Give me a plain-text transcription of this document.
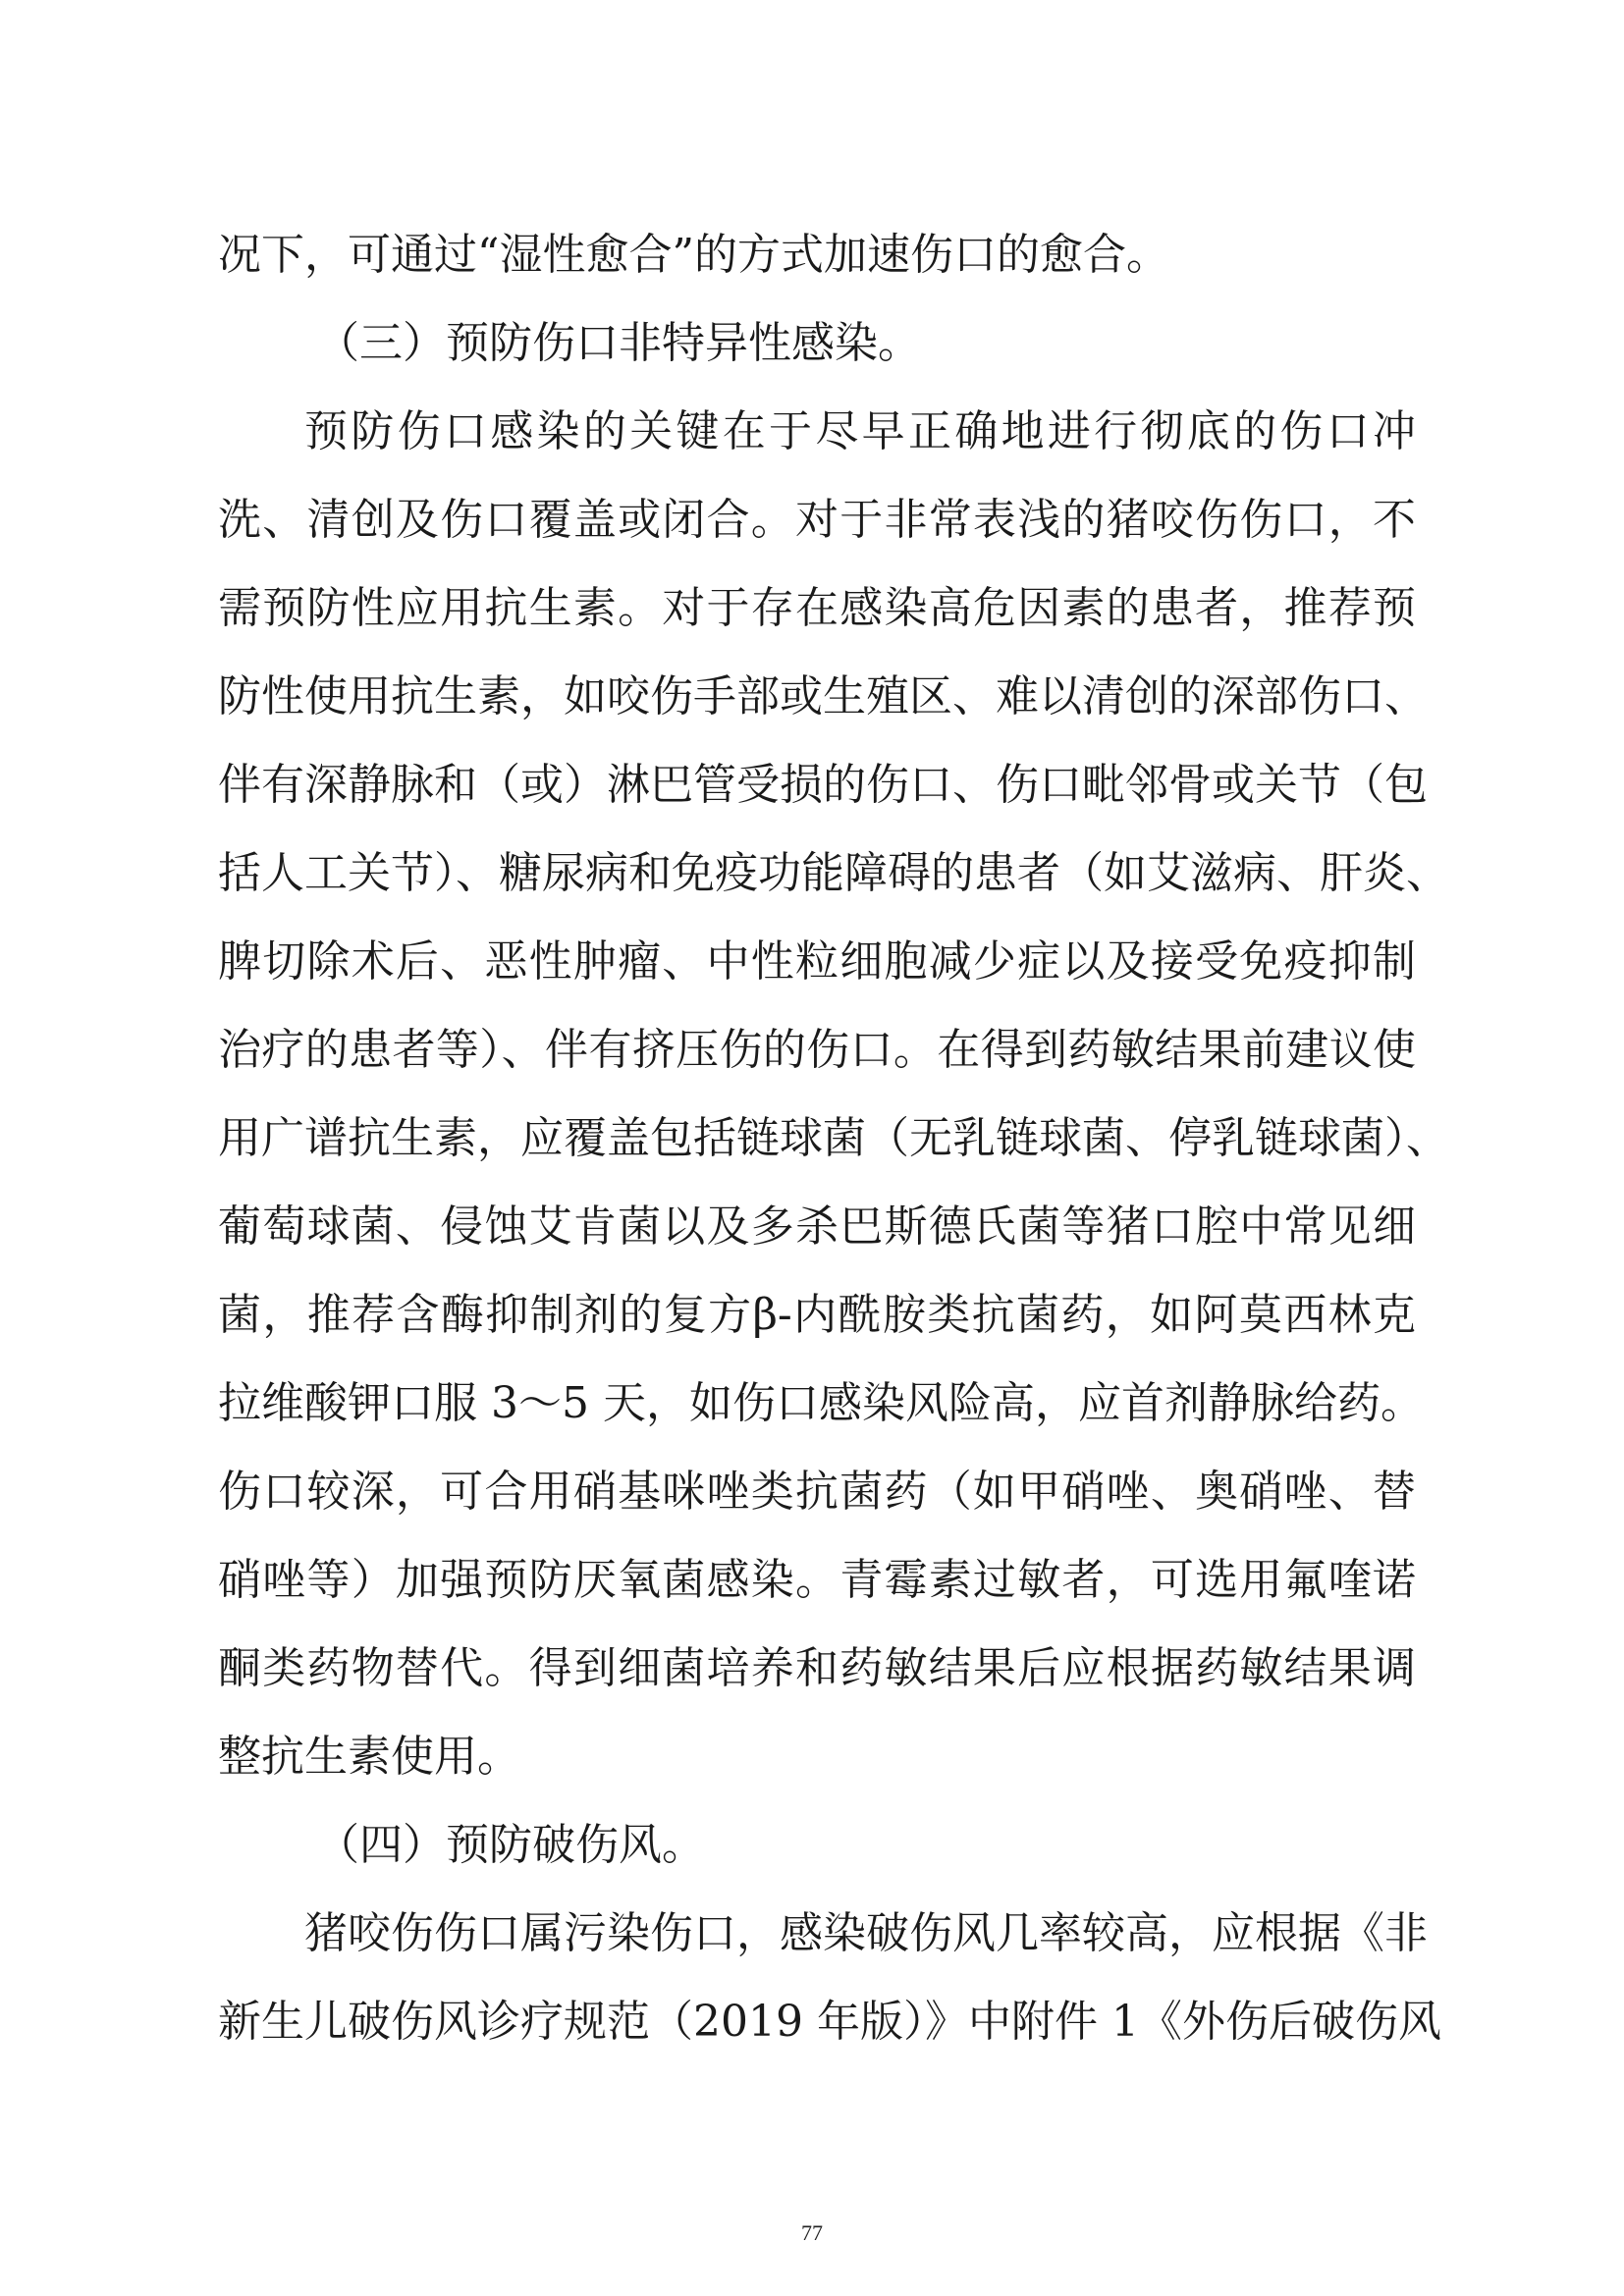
况下，可通过“湿性愈合”的方式加速伤口的愈合。
（三）预防伤口非特异性感染。
预防伤口感染的关键在于尽早正确地进行彻底的伤口冲
洗、清创及伤口覆盖或闭合。对于非常表浅的猪咬伤伤口，不
需预防性应用抗生素。对于存在感染高危因素的患者，推荐预
防性使用抗生素，如咬伤手部或生殖区、难以清创的深部伤口、
伴有深静脉和（或）淋巴管受损的伤口、伤口毗邻骨或关节（包
括人工关节）、糖尿病和免疫功能障碍的患者（如艾滋病、肝炎、
脾切除术后、恶性肿瘤、中性粒细胞减少症以及接受免疫抑制
治疗的患者等）、伴有挤压伤的伤口。在得到药敏结果前建议使
用广谱抗生素，应覆盖包括链球菌（无乳链球菌、停乳链球菌）、
葡萄球菌、侵蚀艾肯菌以及多杀巴斯德氏菌等猪口腔中常见细
菌，推荐含酶抑制剂的复方β-内酰胺类抗菌药，如阿莫西林克
拉维酸钾口服 3～5 天，如伤口感染风险高，应首剂静脉给药。
伤口较深，可合用硝基咪唑类抗菌药（如甲硝唑、奥硝唑、替
硝唑等）加强预防厌氧菌感染。青霉素过敏者，可选用氟喹诺
酮类药物替代。得到细菌培养和药敏结果后应根据药敏结果调
整抗生素使用。
（四）预防破伤风。
猪咬伤伤口属污染伤口，感染破伤风几率较高，应根据《非
新生儿破伤风诊疗规范（2019 年版）》中附件 1《外伤后破伤风
77
